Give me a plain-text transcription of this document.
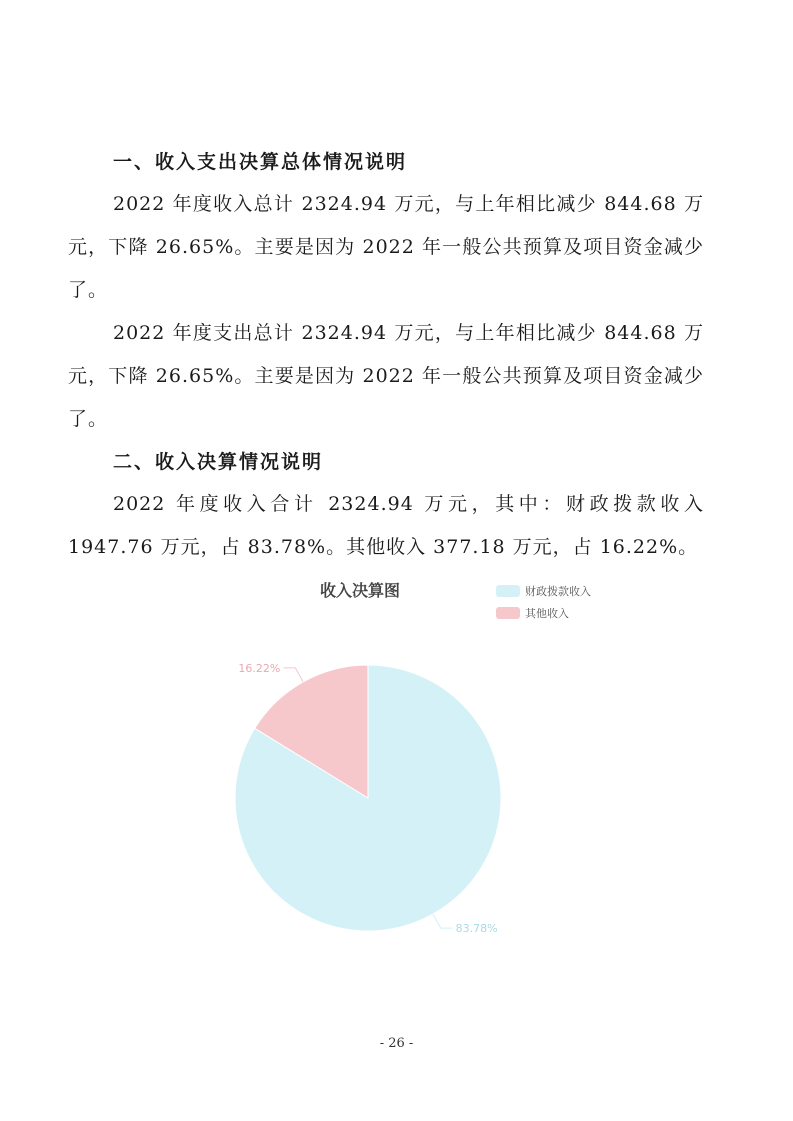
一、收入支出决算总体情况说明
2022 年度收入总计 2324.94 万元，与上年相比减少 844.68 万元，下降 26.65%。主要是因为 2022 年一般公共预算及项目资金减少了。
2022 年度支出总计 2324.94 万元，与上年相比减少 844.68 万元，下降 26.65%。主要是因为 2022 年一般公共预算及项目资金减少了。
二、收入决算情况说明
2022 年度收入合计 2324.94 万元，其中：财政拨款收入 1947.76 万元，占 83.78%。其他收入 377.18 万元，占 16.22%。
收入决算图	财政拨款收入
其他收入
83.78%
16.22%
- 26 -
